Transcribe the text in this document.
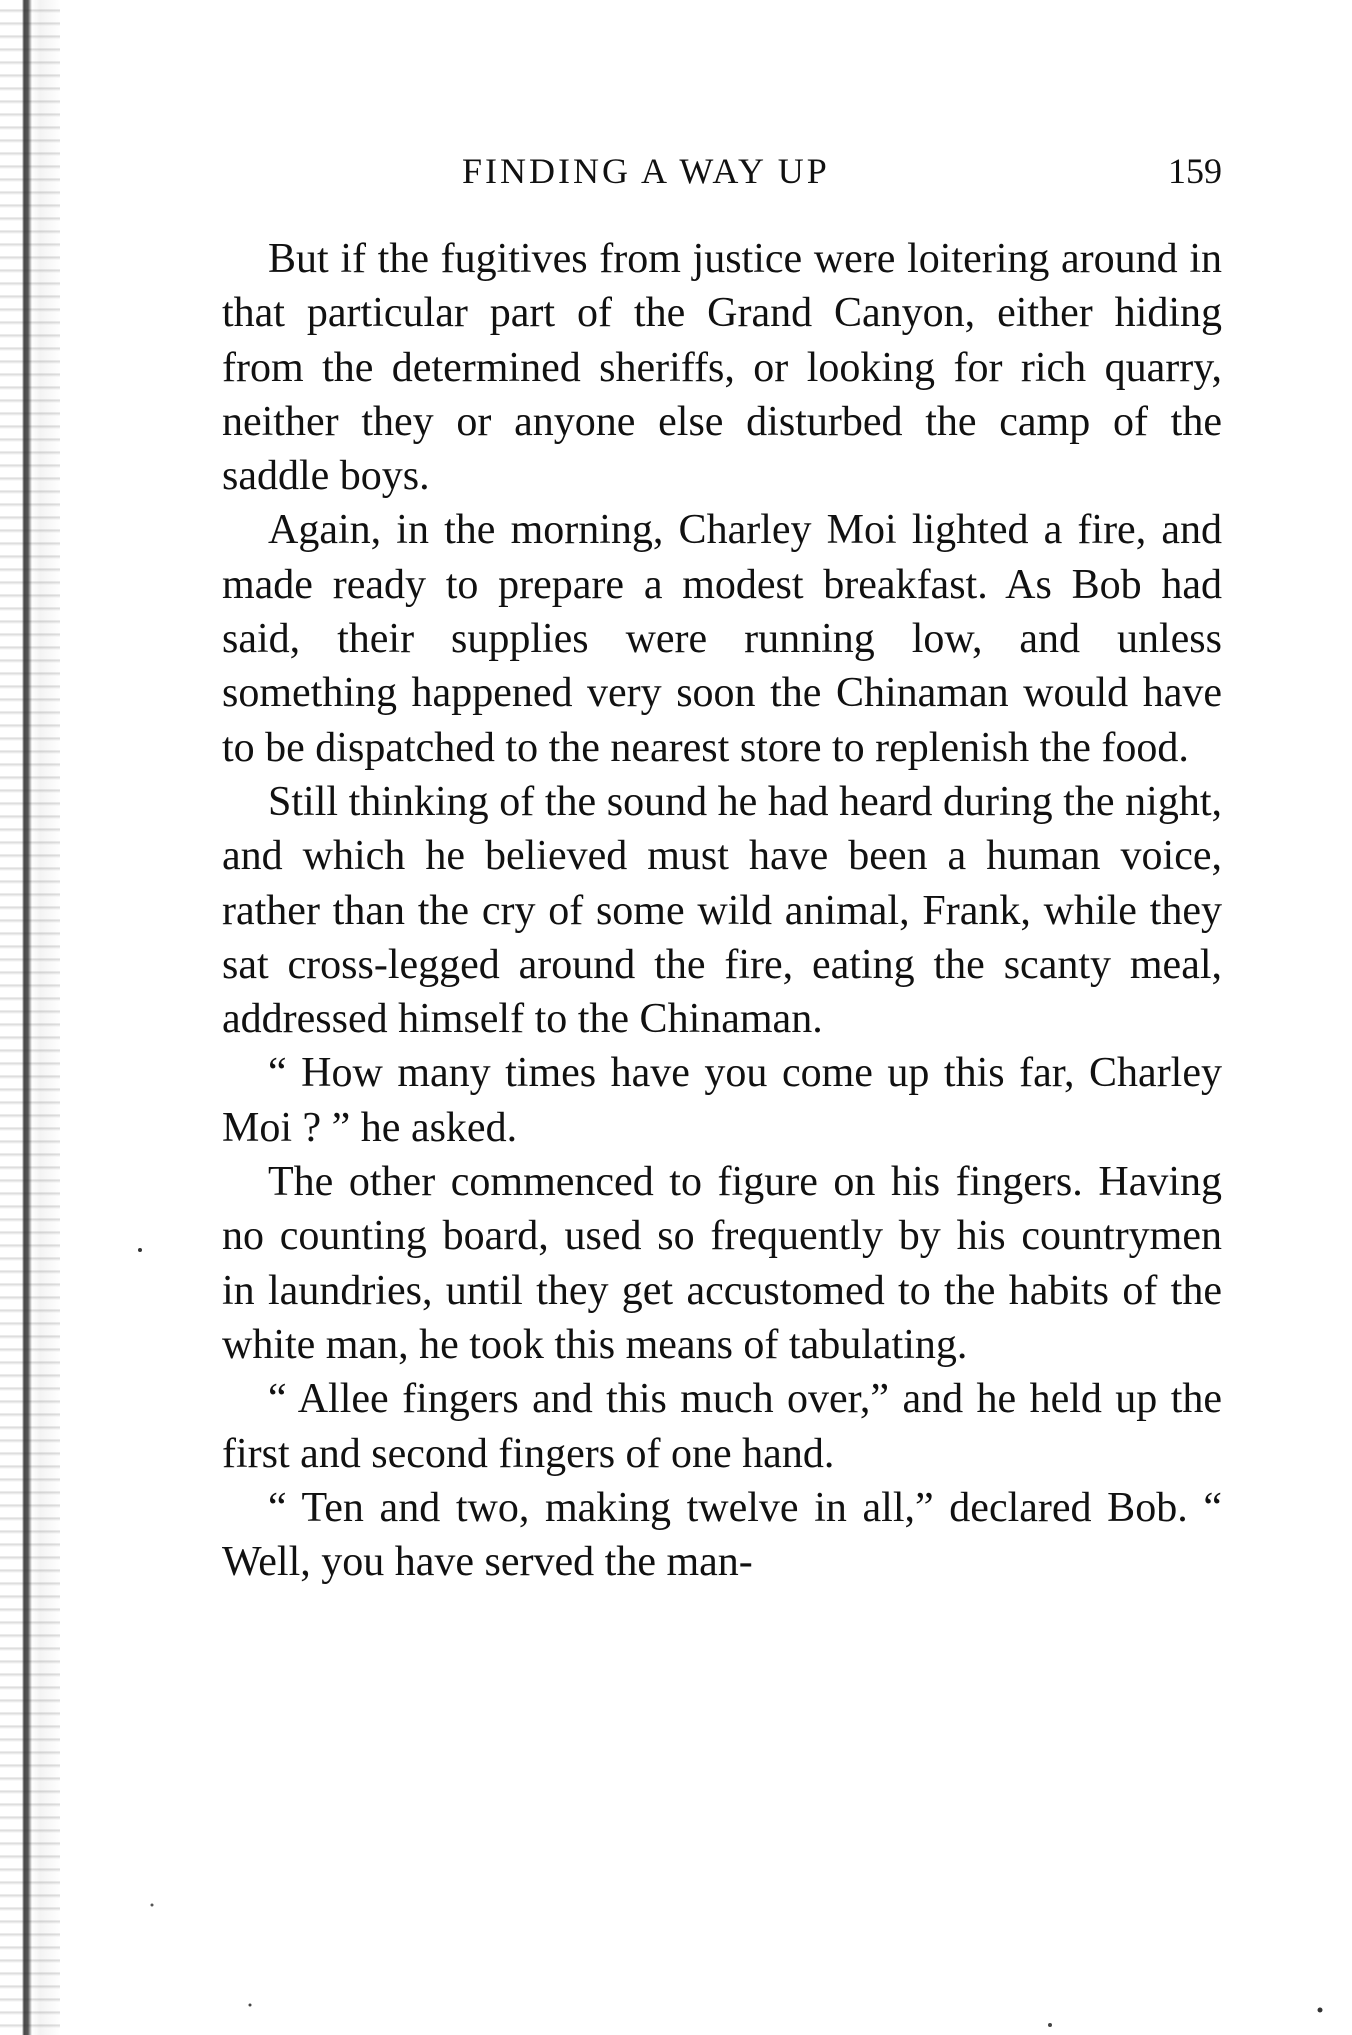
FINDING A WAY UP	159

But if the fugitives from justice were loitering around in that particular part of the Grand Canyon, either hiding from the determined sheriffs, or looking for rich quarry, neither they or anyone else disturbed the camp of the saddle boys.

Again, in the morning, Charley Moi lighted a fire, and made ready to prepare a modest breakfast. As Bob had said, their supplies were running low, and unless something happened very soon the Chinaman would have to be dispatched to the nearest store to replenish the food.

Still thinking of the sound he had heard during the night, and which he believed must have been a human voice, rather than the cry of some wild animal, Frank, while they sat cross-legged around the fire, eating the scanty meal, addressed himself to the Chinaman.

“ How many times have you come up this far, Charley Moi ? ” he asked.

The other commenced to figure on his fingers. Having no counting board, used so frequently by his countrymen in laundries, until they get accustomed to the habits of the white man, he took this means of tabulating.

“ Allee fingers and this much over,” and he held up the first and second fingers of one hand.

“ Ten and two, making twelve in all,” declared Bob. “ Well, you have served the man-
